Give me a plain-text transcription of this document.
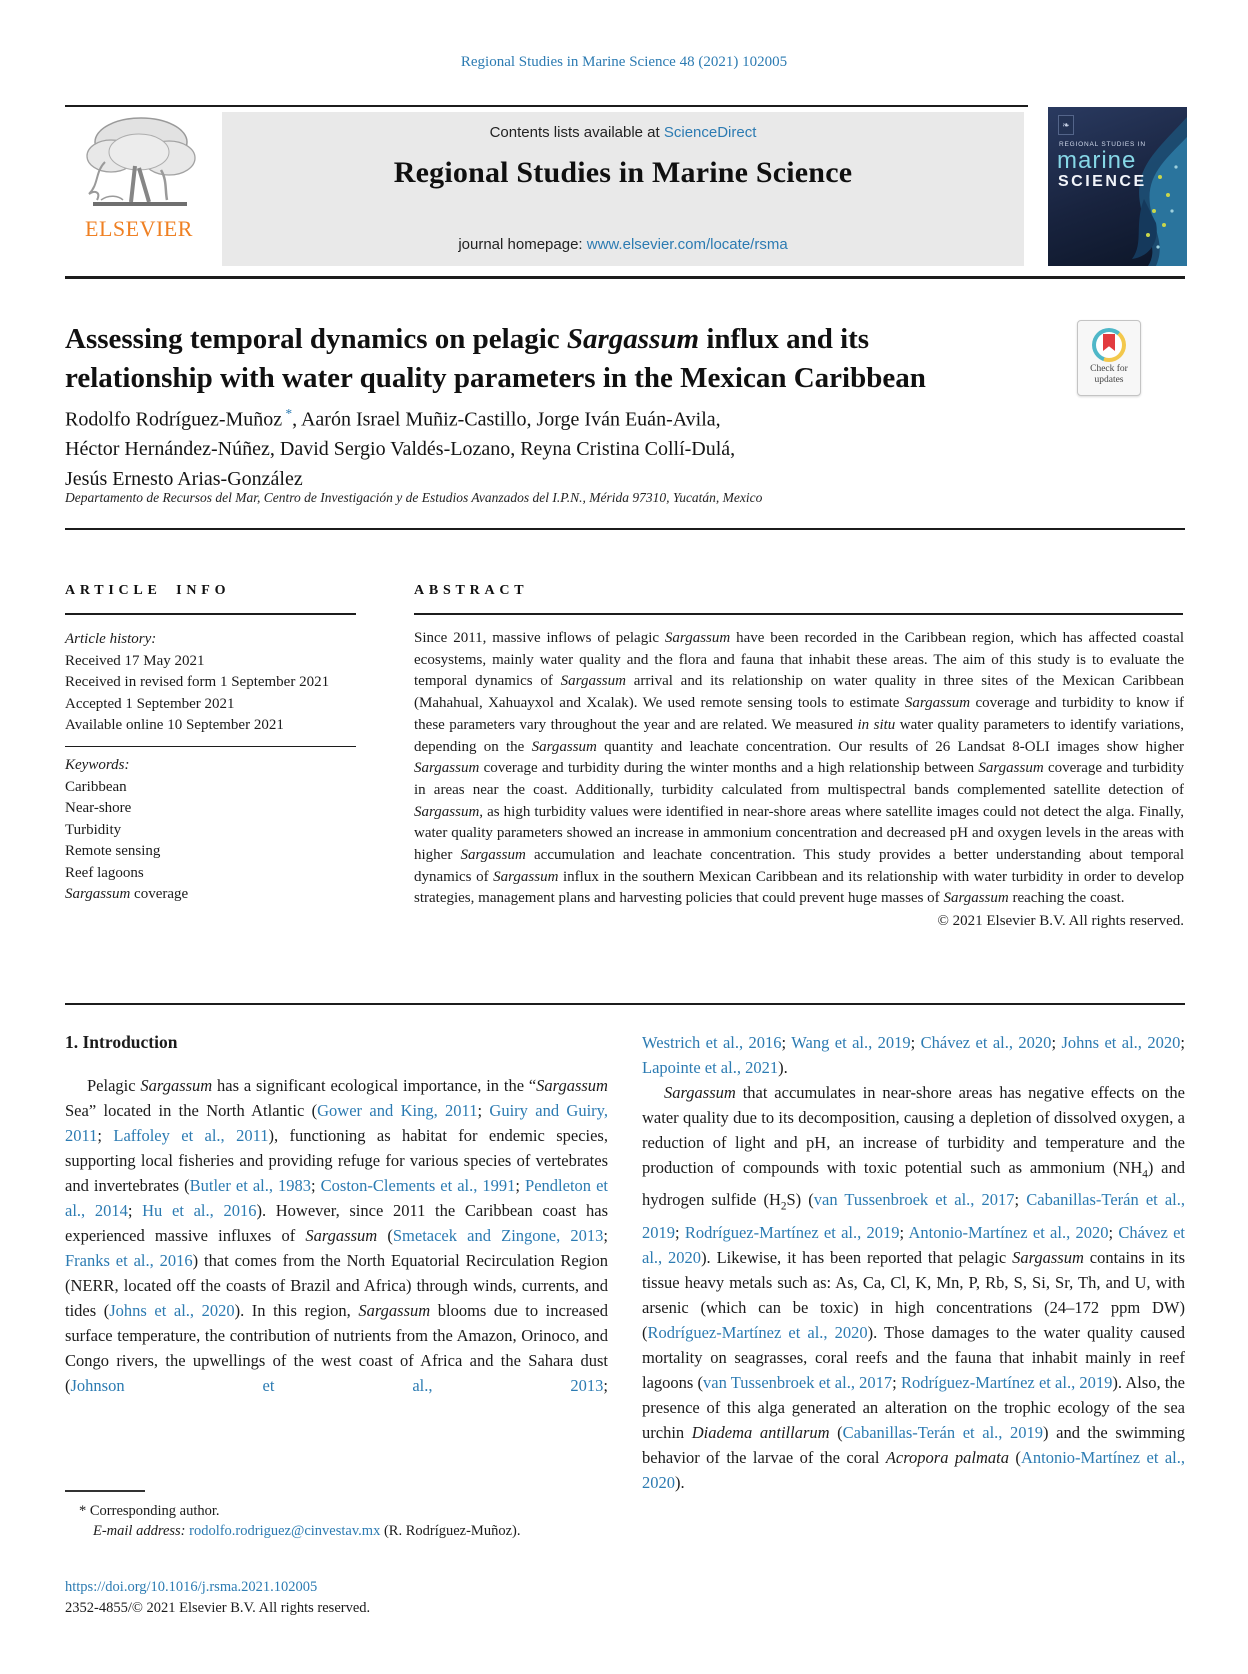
Regional Studies in Marine Science 48 (2021) 102005
ELSEVIER
Contents lists available at ScienceDirect
Regional Studies in Marine Science
journal homepage: www.elsevier.com/locate/rsma
❧
REGIONAL STUDIES IN
marine
SCIENCE
Assessing temporal dynamics on pelagic Sargassum influx and its
relationship with water quality parameters in the Mexican Caribbean	Check for
updates
Rodolfo Rodríguez-Muñoz *, Aarón Israel Muñiz-Castillo, Jorge Iván Euán-Avila,
Héctor Hernández-Núñez, David Sergio Valdés-Lozano, Reyna Cristina Collí-Dulá,
Jesús Ernesto Arias-González
Departamento de Recursos del Mar, Centro de Investigación y de Estudios Avanzados del I.P.N., Mérida 97310, Yucatán, Mexico
ARTICLE INFO	ABSTRACT
Article history:
Received 17 May 2021
Received in revised form 1 September 2021
Accepted 1 September 2021
Available online 10 September 2021
Keywords:
Caribbean
Near-shore
Turbidity
Remote sensing
Reef lagoons
Sargassum coverage
Since 2011, massive inflows of pelagic Sargassum have been recorded in the Caribbean region, which has affected coastal ecosystems, mainly water quality and the flora and fauna that inhabit these areas. The aim of this study is to evaluate the temporal dynamics of Sargassum arrival and its relationship on water quality in three sites of the Mexican Caribbean (Mahahual, Xahuayxol and Xcalak). We used remote sensing tools to estimate Sargassum coverage and turbidity to know if these parameters vary throughout the year and are related. We measured in situ water quality parameters to identify variations, depending on the Sargassum quantity and leachate concentration. Our results of 26 Landsat 8-OLI images show higher Sargassum coverage and turbidity during the winter months and a high relationship between Sargassum coverage and turbidity in areas near the coast. Additionally, turbidity calculated from multispectral bands complemented satellite detection of Sargassum, as high turbidity values were identified in near-shore areas where satellite images could not detect the alga. Finally, water quality parameters showed an increase in ammonium concentration and decreased pH and oxygen levels in the areas with higher Sargassum accumulation and leachate concentration. This study provides a better understanding about temporal dynamics of Sargassum influx in the southern Mexican Caribbean and its relationship with water turbidity in order to develop strategies, management plans and harvesting policies that could prevent huge masses of Sargassum reaching the coast.
© 2021 Elsevier B.V. All rights reserved.
1. Introduction

Pelagic Sargassum has a significant ecological importance, in the “Sargassum Sea” located in the North Atlantic (Gower and King, 2011; Guiry and Guiry, 2011; Laffoley et al., 2011), functioning as habitat for endemic species, supporting local fisheries and providing refuge for various species of vertebrates and invertebrates (Butler et al., 1983; Coston-Clements et al., 1991; Pendleton et al., 2014; Hu et al., 2016). However, since 2011 the Caribbean coast has experienced massive influxes of Sargassum (Smetacek and Zingone, 2013; Franks et al., 2016) that comes from the North Equatorial Recirculation Region (NERR, located off the coasts of Brazil and Africa) through winds, currents, and tides (Johns et al., 2020). In this region, Sargassum blooms due to increased surface temperature, the contribution of nutrients from the Amazon, Orinoco, and Congo rivers, the upwellings of the west coast of Africa and the Sahara dust (Johnson et al., 2013;

Westrich et al., 2016; Wang et al., 2019; Chávez et al., 2020; Johns et al., 2020; Lapointe et al., 2021).

Sargassum that accumulates in near-shore areas has negative effects on the water quality due to its decomposition, causing a depletion of dissolved oxygen, a reduction of light and pH, an increase of turbidity and temperature and the production of compounds with toxic potential such as ammonium $(NH_4)$ and hydrogen sulfide $(H_2S)$ (van Tussenbroek et al., 2017; Cabanillas-Terán et al., 2019; Rodríguez-Martínez et al., 2019; Antonio-Martínez et al., 2020; Chávez et al., 2020). Likewise, it has been reported that pelagic Sargassum contains in its tissue heavy metals such as: As, Ca, Cl, K, Mn, P, Rb, S, Si, Sr, Th, and U, with arsenic (which can be toxic) in high concentrations (24–172 ppm DW) (Rodríguez-Martínez et al., 2020). Those damages to the water quality caused mortality on seagrasses, coral reefs and the fauna that inhabit mainly in reef lagoons (van Tussenbroek et al., 2017; Rodríguez-Martínez et al., 2019). Also, the presence of this alga generated an alteration on the trophic ecology of the sea urchin Diadema antillarum (Cabanillas-Terán et al., 2019) and the swimming behavior of the larvae of the coral Acropora palmata (Antonio-Martínez et al., 2020).

* Corresponding author.
E-mail address: rodolfo.rodriguez@cinvestav.mx (R. Rodríguez-Muñoz).
https://doi.org/10.1016/j.rsma.2021.102005
2352-4855/© 2021 Elsevier B.V. All rights reserved.
